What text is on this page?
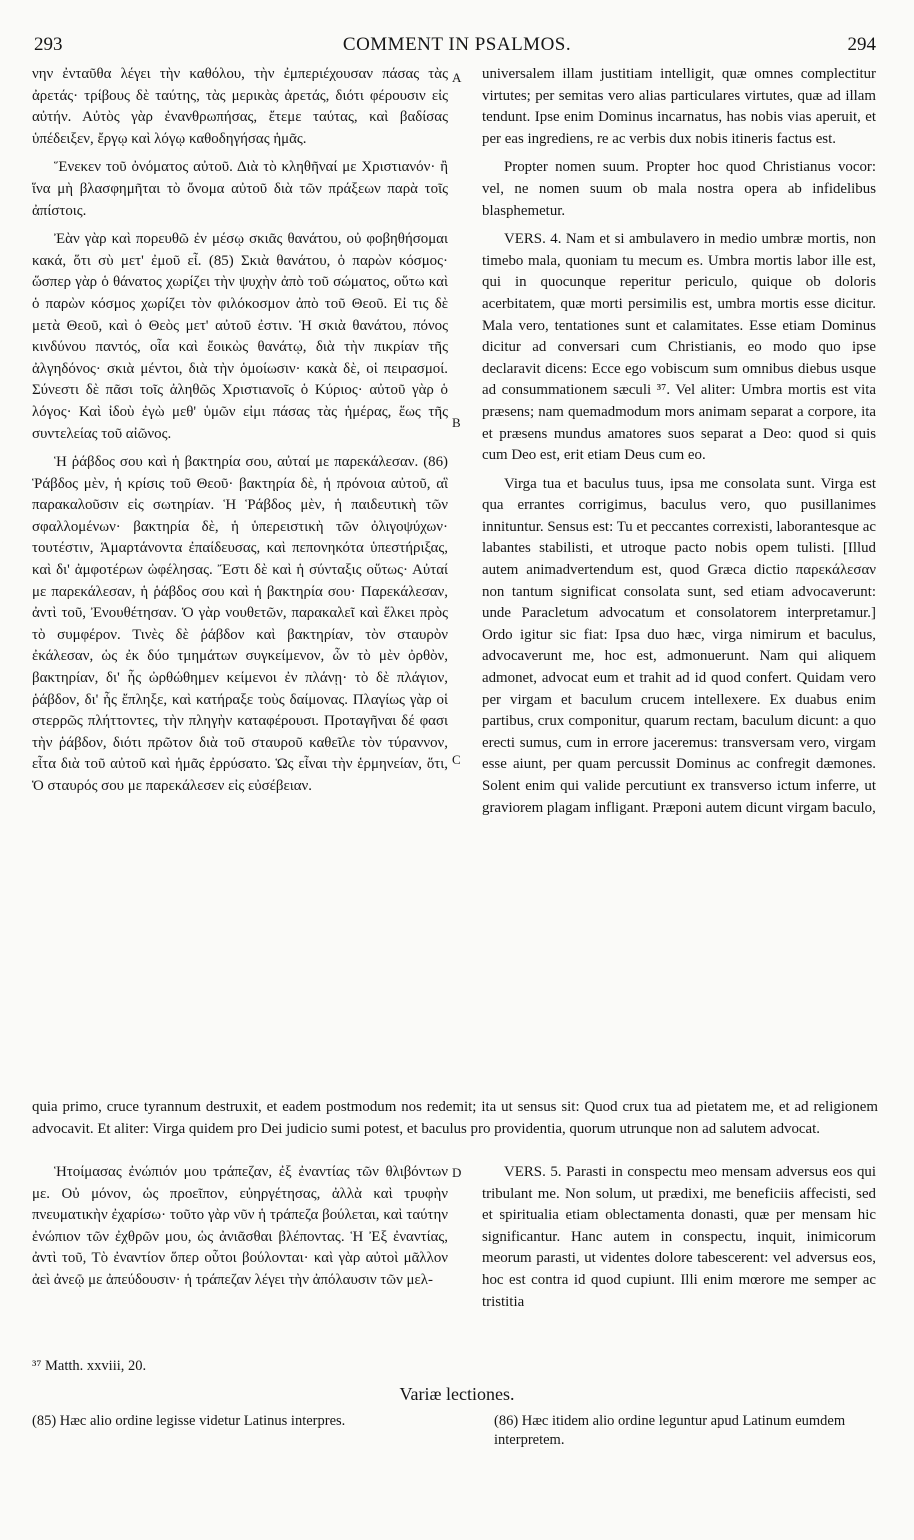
293	COMMENT IN PSALMOS.	294
A
B
C
D

νην ἐνταῦθα λέγει τὴν καθόλου, τὴν ἐμπεριέχουσαν πάσας τὰς ἀρετάς· τρίβους δὲ ταύτης, τὰς μερικὰς ἀρετάς, διότι φέρουσιν εἰς αὐτήν. Αὐτὸς γὰρ ἐνανθρωπήσας, ἔτεμε ταύτας, καὶ βαδίσας ὑπέδειξεν, ἔργῳ καὶ λόγῳ καθοδηγήσας ἡμᾶς.

Ἕνεκεν τοῦ ὀνόματος αὐτοῦ. Διὰ τὸ κληθῆναί με Χριστιανόν· ἢ ἵνα μὴ βλασφημῆται τὸ ὄνομα αὐτοῦ διὰ τῶν πράξεων παρὰ τοῖς ἀπίστοις.

Ἐὰν γὰρ καὶ πορευθῶ ἐν μέσῳ σκιᾶς θανάτου, οὐ φοβηθήσομαι κακά, ὅτι σὺ μετ' ἐμοῦ εἶ. (85) Σκιὰ θανάτου, ὁ παρὼν κόσμος· ὥσπερ γὰρ ὁ θάνατος χωρίζει τὴν ψυχὴν ἀπὸ τοῦ σώματος, οὕτω καὶ ὁ παρὼν κόσμος χωρίζει τὸν φιλόκοσμον ἀπὸ τοῦ Θεοῦ. Εἰ τις δὲ μετὰ Θεοῦ, καὶ ὁ Θεὸς μετ' αὐτοῦ ἐστιν. Ἡ σκιὰ θανάτου, πόνος κινδύνου παντός, οἷα καὶ ἔοικὼς θανάτῳ, διὰ τὴν πικρίαν τῆς ἀλγηδόνος· σκιὰ μέντοι, διὰ τὴν ὁμοίωσιν· κακὰ δὲ, οἱ πειρασμοί. Σύνεστι δὲ πᾶσι τοῖς ἀληθῶς Χριστιανοῖς ὁ Κύριος· αὐτοῦ γὰρ ὁ λόγος· Καὶ ἰδοὺ ἐγὼ μεθ' ὑμῶν εἰμι πάσας τὰς ἡμέρας, ἕως τῆς συντελείας τοῦ αἰῶνος.

Ἡ ῥάβδος σου καὶ ἡ βακτηρία σου, αὐταί με παρεκάλεσαν. (86) Ῥάβδος μὲν, ἡ κρίσις τοῦ Θεοῦ· βακτηρία δὲ, ἡ πρόνοια αὐτοῦ, αἳ παρακαλοῦσιν εἰς σωτηρίαν. Ἡ Ῥάβδος μὲν, ἡ παιδευτικὴ τῶν σφαλλομένων· βακτηρία δὲ, ἡ ὑπερειστικὴ τῶν ὀλιγοψύχων· τουτέστιν, Ἁμαρτάνοντα ἐπαίδευσας, καὶ πεπονηκότα ὑπεστήριξας, καὶ δι' ἀμφοτέρων ὠφέλησας. Ἔστι δὲ καὶ ἡ σύνταξις οὕτως· Αὐταί με παρεκάλεσαν, ἡ ῥάβδος σου καὶ ἡ βακτηρία σου· Παρεκάλεσαν, ἀντὶ τοῦ, Ἐνουθέτησαν. Ὁ γὰρ νουθετῶν, παρακαλεῖ καὶ ἕλκει πρὸς τὸ συμφέρον. Τινὲς δὲ ῥάβδον καὶ βακτηρίαν, τὸν σταυρὸν ἐκάλεσαν, ὡς ἐκ δύο τμημάτων συγκείμενον, ὧν τὸ μὲν ὀρθὸν, βακτηρίαν, δι' ἧς ὠρθώθημεν κείμενοι ἐν πλάνῃ· τὸ δὲ πλάγιον, ῥάβδον, δι' ἧς ἔπληξε, καὶ κατήραξε τοὺς δαίμονας. Πλαγίως γὰρ οἱ στερρῶς πλήττοντες, τὴν πληγὴν καταφέρουσι. Προταγῆναι δέ φασι τὴν ῥάβδον, διότι πρῶτον διὰ τοῦ σταυροῦ καθεῖλε τὸν τύραννον, εἶτα διὰ τοῦ αὐτοῦ καὶ ἡμᾶς ἐρρύσατο. Ὡς εἶναι τὴν ἑρμηνείαν, ὅτι, Ὁ σταυρός σου με παρεκάλεσεν εἰς εὐσέβειαν.

universalem illam justitiam intelligit, quæ omnes complectitur virtutes; per semitas vero alias particulares virtutes, quæ ad illam tendunt. Ipse enim Dominus incarnatus, has nobis vias aperuit, et per eas ingrediens, re ac verbis dux nobis itineris factus est.

Propter nomen suum. Propter hoc quod Christianus vocor: vel, ne nomen suum ob mala nostra opera ab infidelibus blasphemetur.

VERS. 4. Nam et si ambulavero in medio umbræ mortis, non timebo mala, quoniam tu mecum es. Umbra mortis labor ille est, qui in quocunque reperitur periculo, quique ob doloris acerbitatem, quæ morti persimilis est, umbra mortis esse dicitur. Mala vero, tentationes sunt et calamitates. Esse etiam Dominus dicitur ad conversari cum Christianis, eo modo quo ipse declaravit dicens: Ecce ego vobiscum sum omnibus diebus usque ad consummationem sæculi ³⁷. Vel aliter: Umbra mortis est vita præsens; nam quemadmodum mors animam separat a corpore, ita et præsens mundus amatores suos separat a Deo: quod si quis cum Deo est, erit etiam Deus cum eo.

Virga tua et baculus tuus, ipsa me consolata sunt. Virga est qua errantes corrigimus, baculus vero, quo pusillanimes innituntur. Sensus est: Tu et peccantes correxisti, laborantesque ac labantes stabilisti, et utroque pacto nobis opem tulisti. [Illud autem animadvertendum est, quod Græca dictio παρεκάλεσαν non tantum significat consolata sunt, sed etiam advocaverunt: unde Paracletum advocatum et consolatorem interpretamur.] Ordo igitur sic fiat: Ipsa duo hæc, virga nimirum et baculus, advocaverunt me, hoc est, admonuerunt. Nam qui aliquem admonet, advocat eum et trahit ad id quod confert. Quidam vero per virgam et baculum crucem intellexere. Ex duabus enim partibus, crux componitur, quarum rectam, baculum dicunt: a quo erecti sumus, cum in errore jaceremus: transversam vero, virgam esse aiunt, per quam percussit Dominus ac confregit dæmones. Solent enim qui valide percutiunt ex transverso ictum inferre, ut graviorem plagam infligant. Præponi autem dicunt virgam baculo,

quia primo, cruce tyrannum destruxit, et eadem postmodum nos redemit; ita ut sensus sit: Quod crux tua ad pietatem me, et ad religionem advocavit. Et aliter: Virga quidem pro Dei judicio sumi potest, et baculus pro providentia, quorum utrunque non ad salutem advocat.

Ἡτοίμασας ἐνώπιόν μου τράπεζαν, ἐξ ἐναντίας τῶν θλιβόντων με. Οὐ μόνον, ὡς προεῖπον, εὐηργέτησας, ἀλλὰ καὶ τρυφὴν πνευματικὴν ἐχαρίσω· τοῦτο γὰρ νῦν ἡ τράπεζα βούλεται, καὶ ταύτην ἐνώπιον τῶν ἐχθρῶν μου, ὡς ἀνιᾶσθαι βλέποντας. Ἡ Ἐξ ἐναντίας, ἀντὶ τοῦ, Τὸ ἐναντίον ὅπερ οὗτοι βούλονται· καὶ γὰρ αὐτοὶ μᾶλλον ἀεὶ ἀνεῷ με ἀπεύδουσιν· ἡ τράπεζαν λέγει τὴν ἀπόλαυσιν τῶν μελ-

VERS. 5. Parasti in conspectu meo mensam adversus eos qui tribulant me. Non solum, ut prædixi, me beneficiis affecisti, sed et spiritualia etiam oblectamenta donasti, quæ per mensam hic significantur. Hanc autem in conspectu, inquit, inimicorum meorum parasti, ut videntes dolore tabescerent: vel adversus eos, hoc est contra id quod cupiunt. Illi enim mœrore me semper ac tristitia

³⁷ Matth. xxviii, 20.
Variæ lectiones.
(85) Hæc alio ordine legisse videtur Latinus interpres.	(86) Hæc itidem alio ordine leguntur apud Latinum eumdem interpretem.
